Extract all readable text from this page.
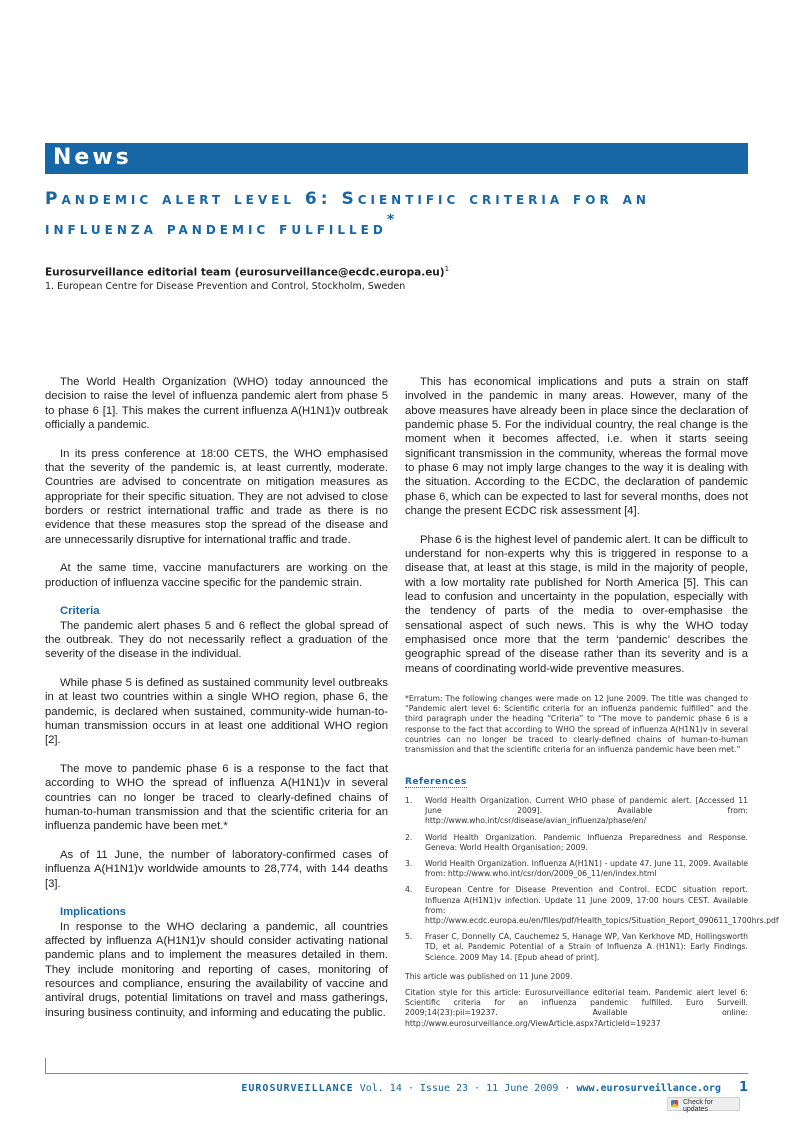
News
Pandemic alert level 6: Scientific criteria for an influenza pandemic fulfilled*
Eurosurveillance editorial team (eurosurveillance@ecdc.europa.eu)$^1$
1. European Centre for Disease Prevention and Control, Stockholm, Sweden

The World Health Organization (WHO) today announced the decision to raise the level of influenza pandemic alert from phase 5 to phase 6 [1]. This makes the current influenza A(H1N1)v outbreak officially a pandemic.

In its press conference at 18:00 CETS, the WHO emphasised that the severity of the pandemic is, at least currently, moderate. Countries are advised to concentrate on mitigation measures as appropriate for their specific situation. They are not advised to close borders or restrict international traffic and trade as there is no evidence that these measures stop the spread of the disease and are unnecessarily disruptive for international traffic and trade.

At the same time, vaccine manufacturers are working on the production of influenza vaccine specific for the pandemic strain.

Criteria

The pandemic alert phases 5 and 6 reflect the global spread of the outbreak. They do not necessarily reflect a graduation of the severity of the disease in the individual.

While phase 5 is defined as sustained community level outbreaks in at least two countries within a single WHO region, phase 6, the pandemic, is declared when sustained, community-wide human-to-human transmission occurs in at least one additional WHO region [2].

The move to pandemic phase 6 is a response to the fact that according to WHO the spread of influenza A(H1N1)v in several countries can no longer be traced to clearly-defined chains of human-to-human transmission and that the scientific criteria for an influenza pandemic have been met.*

As of 11 June, the number of laboratory-confirmed cases of influenza A(H1N1)v worldwide amounts to 28,774, with 144 deaths [3].

Implications

In response to the WHO declaring a pandemic, all countries affected by influenza A(H1N1)v should consider activating national pandemic plans and to implement the measures detailed in them. They include monitoring and reporting of cases, monitoring of resources and compliance, ensuring the availability of vaccine and antiviral drugs, potential limitations on travel and mass gatherings, insuring business continuity, and informing and educating the public.

This has economical implications and puts a strain on staff involved in the pandemic in many areas. However, many of the above measures have already been in place since the declaration of pandemic phase 5. For the individual country, the real change is the moment when it becomes affected, i.e. when it starts seeing significant transmission in the community, whereas the formal move to phase 6 may not imply large changes to the way it is dealing with the situation. According to the ECDC, the declaration of pandemic phase 6, which can be expected to last for several months, does not change the present ECDC risk assessment [4].

Phase 6 is the highest level of pandemic alert. It can be difficult to understand for non-experts why this is triggered in response to a disease that, at least at this stage, is mild in the majority of people, with a low mortality rate published for North America [5]. This can lead to confusion and uncertainty in the population, especially with the tendency of parts of the media to over-emphasise the sensational aspect of such news. This is why the WHO today emphasised once more that the term ‘pandemic’ describes the geographic spread of the disease rather than its severity and is a means of coordinating world-wide preventive measures.

*Erratum: The following changes were made on 12 June 2009. The title was changed to “Pandemic alert level 6: Scientific criteria for an influenza pandemic fulfilled” and the third paragraph under the heading “Criteria” to “The move to pandemic phase 6 is a response to the fact that according to WHO the spread of influenza A(H1N1)v in several countries can no longer be traced to clearly-defined chains of human-to-human transmission and that the scientific criteria for an influenza pandemic have been met.”

References
1. World Health Organization. Current WHO phase of pandemic alert. [Accessed 11 June 2009]. Available from: http://www.who.int/csr/disease/avian_influenza/phase/en/
2. World Health Organization. Pandemic Influenza Preparedness and Response. Geneva: World Health Organisation; 2009.
3. World Health Organization. Influenza A(H1N1) - update 47. June 11, 2009. Available from: http://www.who.int/csr/don/2009_06_11/en/index.html
4. European Centre for Disease Prevention and Control. ECDC situation report. Influenza A(H1N1)v infection. Update 11 June 2009, 17:00 hours CEST. Available from: http://www.ecdc.europa.eu/en/files/pdf/Health_topics/Situation_Report_090611_1700hrs.pdf
5. Fraser C, Donnelly CA, Cauchemez S, Hanage WP, Van Kerkhove MD, Hollingsworth TD, et al. Pandemic Potential of a Strain of Influenza A (H1N1): Early Findings. Science. 2009 May 14. [Epub ahead of print].

This article was published on 11 June 2009.

Citation style for this article: Eurosurveillance editorial team. Pandemic alert level 6: Scientific criteria for an influenza pandemic fulfilled. Euro Surveill. 2009;14(23):pii=19237. Available online: http://www.eurosurveillance.org/ViewArticle.aspx?ArticleId=19237

EUROSURVEILLANCE Vol. 14 · Issue 23 · 11 June 2009 · www.eurosurveillance.org 1
Check for updates
